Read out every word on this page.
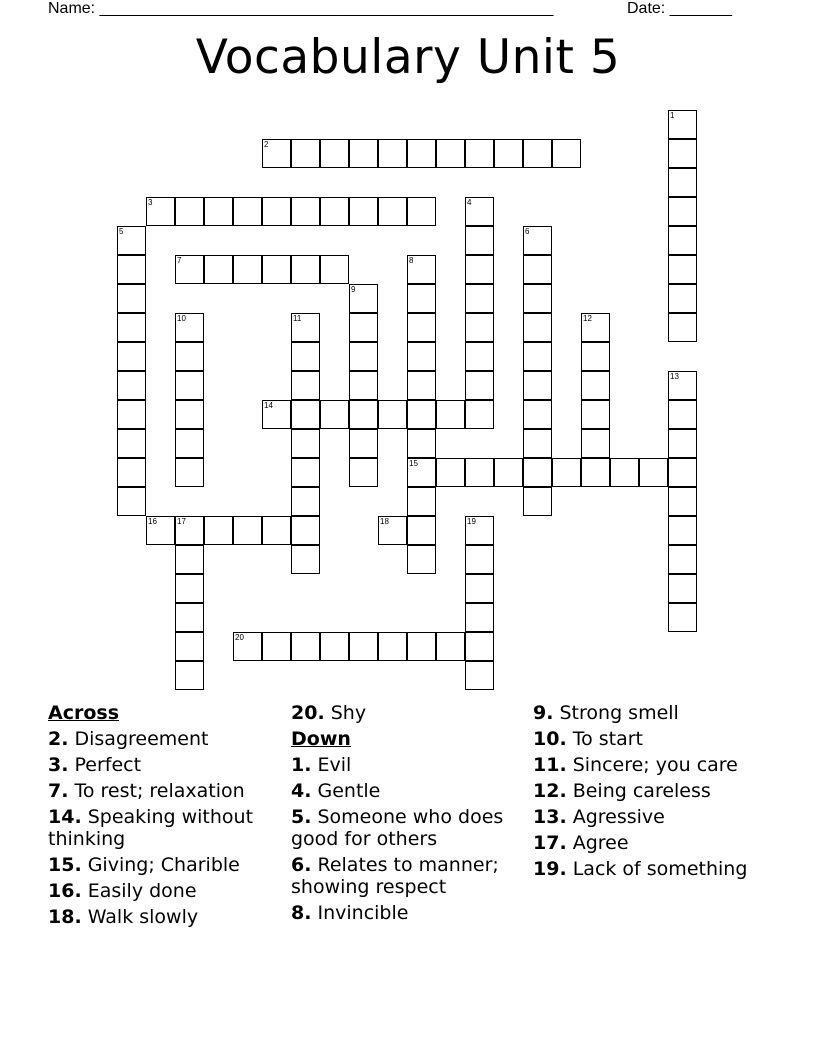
Name: ___________________________________________________	Date: _______
Vocabulary Unit 5
1
2
3	4
5	6
7	8
15
9
10	11	12
13
14
16	17	18	19
20
Across
2. Disagreement
3. Perfect
7. To rest; relaxation
14. Speaking without thinking
15. Giving; Charible
16. Easily done
18. Walk slowly
20. Shy
Down
1. Evil
4. Gentle
5. Someone who does good for others
6. Relates to manner; showing respect
8. Invincible
9. Strong smell
10. To start
11. Sincere; you care
12. Being careless
13. Agressive
17. Agree
19. Lack of something
